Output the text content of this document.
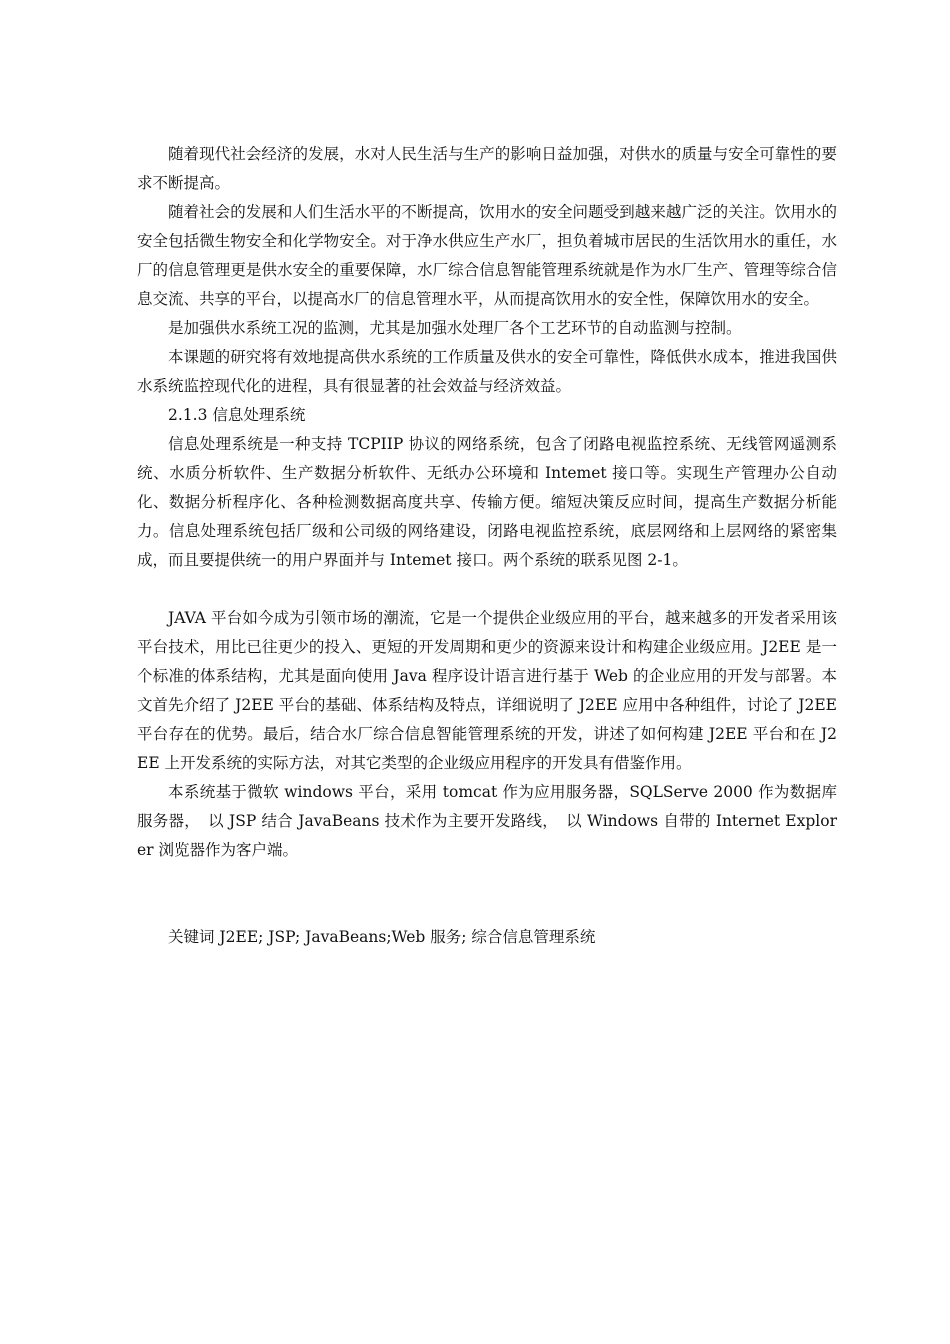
随着现代社会经济的发展，水对人民生活与生产的影响日益加强，对供水的质量与安全可靠性的要求不断提高。

随着社会的发展和人们生活水平的不断提高，饮用水的安全问题受到越来越广泛的关注。饮用水的安全包括微生物安全和化学物安全。对于净水供应生产水厂，担负着城市居民的生活饮用水的重任，水厂的信息管理更是供水安全的重要保障，水厂综合信息智能管理系统就是作为水厂生产、管理等综合信息交流、共享的平台，以提高水厂的信息管理水平，从而提高饮用水的安全性，保障饮用水的安全。

是加强供水系统工况的监测，尤其是加强水处理厂各个工艺环节的自动监测与控制。

本课题的研究将有效地提高供水系统的工作质量及供水的安全可靠性，降低供水成本，推进我国供水系统监控现代化的进程，具有很显著的社会效益与经济效益。

2.1.3 信息处理系统

信息处理系统是一种支持 TCPIIP 协议的网络系统，包含了闭路电视监控系统、无线管网遥测系统、水质分析软件、生产数据分析软件、无纸办公环境和 Intemet 接口等。实现生产管理办公自动化、数据分析程序化、各种检测数据高度共享、传输方便。缩短决策反应时间，提高生产数据分析能力。信息处理系统包括厂级和公司级的网络建设，闭路电视监控系统，底层网络和上层网络的紧密集成，而且要提供统一的用户界面并与 Intemet 接口。两个系统的联系见图 2-1。

JAVA 平台如今成为引领市场的潮流，它是一个提供企业级应用的平台，越来越多的开发者采用该平台技术，用比已往更少的投入、更短的开发周期和更少的资源来设计和构建企业级应用。J2EE 是一个标准的体系结构，尤其是面向使用 Java 程序设计语言进行基于 Web 的企业应用的开发与部署。本文首先介绍了 J2EE 平台的基础、体系结构及特点，详细说明了 J2EE 应用中各种组件，讨论了 J2EE 平台存在的优势。最后，结合水厂综合信息智能管理系统的开发，讲述了如何构建 J2EE 平台和在 J2EE 上开发系统的实际方法，对其它类型的企业级应用程序的开发具有借鉴作用。

本系统基于微软 windows 平台，采用 tomcat 作为应用服务器，SQLServe 2000 作为数据库服务器，　以 JSP 结合 JavaBeans 技术作为主要开发路线，　以 Windows 自带的 Internet Explorer 浏览器作为客户端。

关键词 J2EE; JSP; JavaBeans;Web 服务; 综合信息管理系统
